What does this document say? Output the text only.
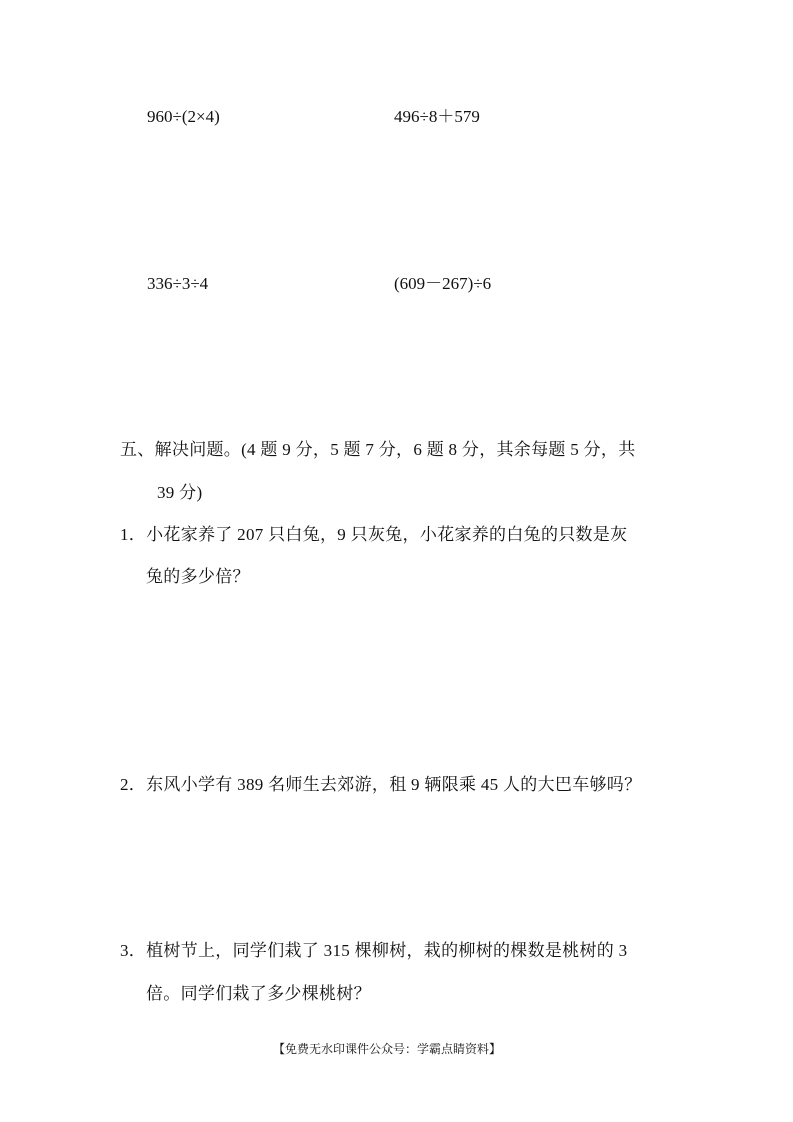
960÷(2×4)	496÷8＋579
336÷3÷4	(609－267)÷6
五、解决问题。(4 题 9 分，5 题 7 分，6 题 8 分，其余每题 5 分，共
39 分)
1．小花家养了 207 只白兔，9 只灰兔，小花家养的白兔的只数是灰
兔的多少倍？
2．东风小学有 389 名师生去郊游，租 9 辆限乘 45 人的大巴车够吗？
3．植树节上，同学们栽了 315 棵柳树，栽的柳树的棵数是桃树的 3
倍。同学们栽了多少棵桃树？
【免费无水印课件公众号：学霸点睛资料】
